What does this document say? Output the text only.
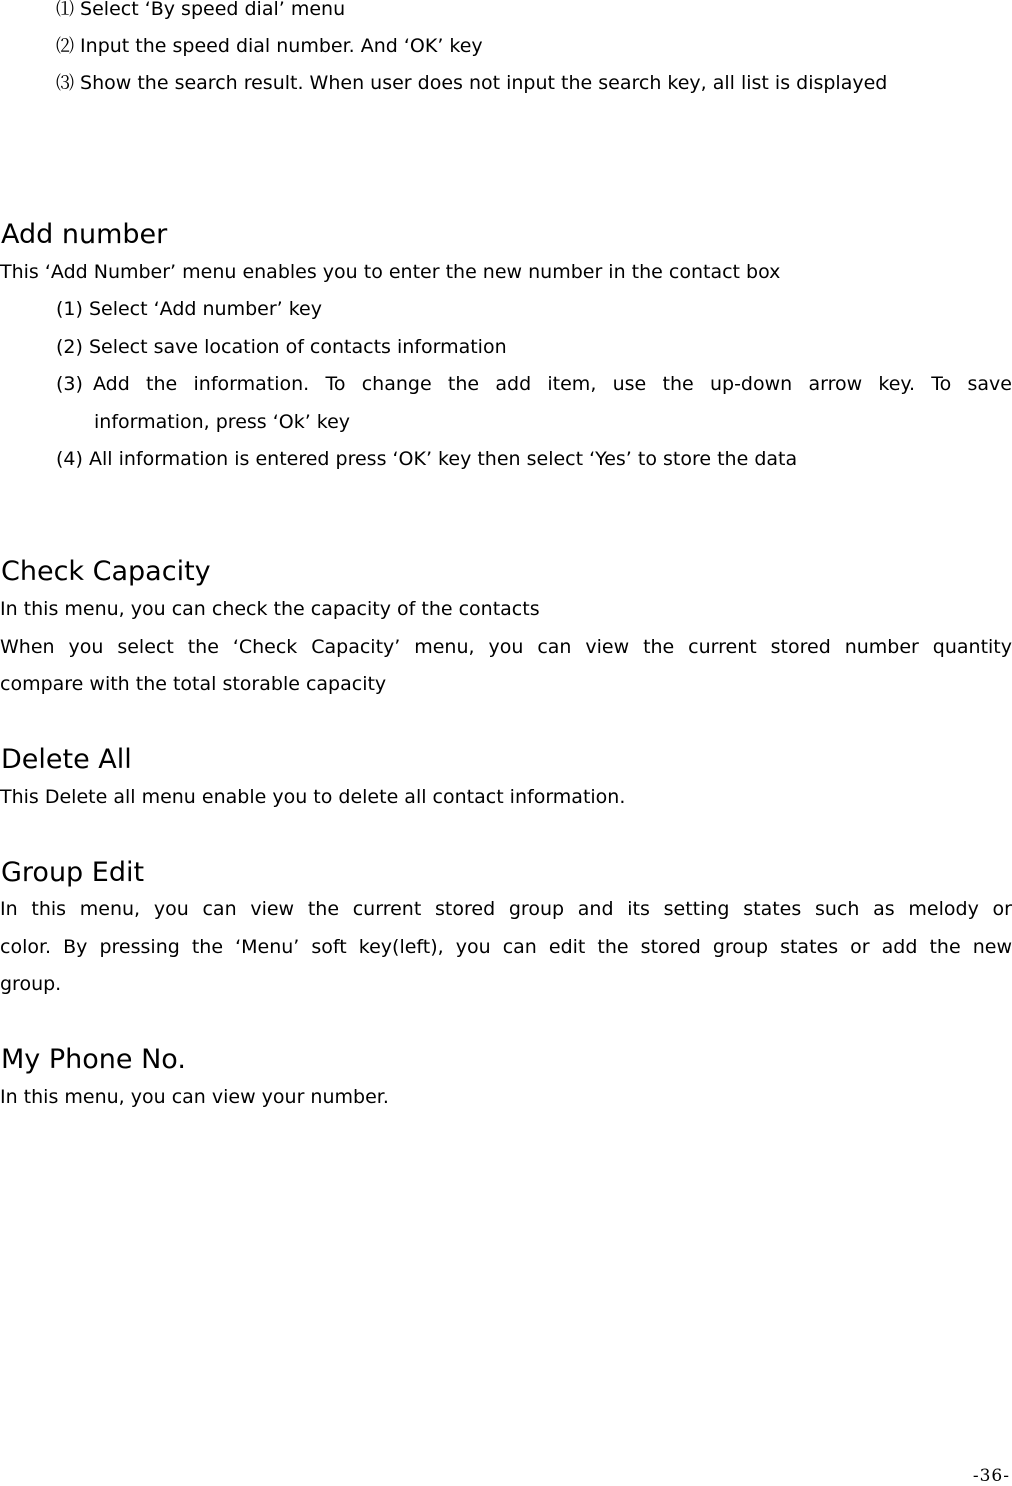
⑴ Select ‘By speed dial’ menu
⑵ Input the speed dial number. And ‘OK’ key
⑶ Show the search result. When user does not input the search key, all list is displayed
Add number
This ‘Add Number’ menu enables you to enter the new number in the contact box
(1) Select ‘Add number’ key
(2) Select save location of contacts information
(3) Add the information. To change the add item, use the up-down arrow key. To save
information, press ‘Ok’ key
(4) All information is entered press ‘OK’ key then select ‘Yes’ to store the data
Check Capacity
In this menu, you can check the capacity of the contacts
When you select the ‘Check Capacity’ menu, you can view the current stored number quantity
compare with the total storable capacity
Delete All
This Delete all menu enable you to delete all contact information.
Group Edit
In this menu, you can view the current stored group and its setting states such as melody or
color. By pressing the ‘Menu’ soft key(left), you can edit the stored group states or add the new
group.
My Phone No.
In this menu, you can view your number.
-36-
